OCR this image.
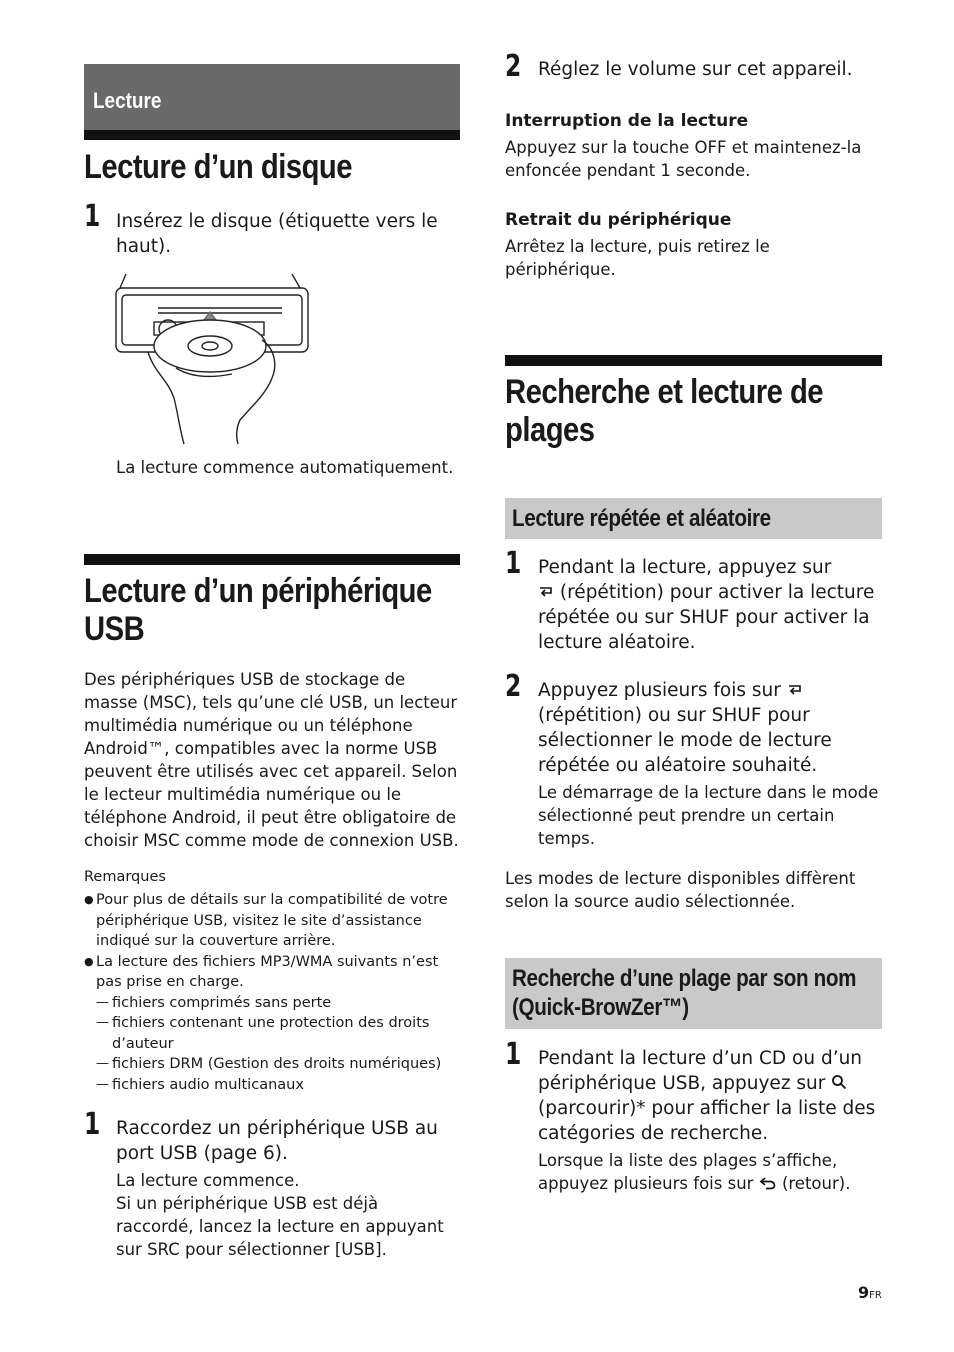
Lecture
Lecture d’un disque
1 Insérez le disque (étiquette vers le haut).
La lecture commence automatiquement.
Lecture d’un périphérique
USB
Des périphériques USB de stockage de masse (MSC), tels qu’une clé USB, un lecteur multimédia numérique ou un téléphone Android™, compatibles avec la norme USB peuvent être utilisés avec cet appareil. Selon le lecteur multimédia numérique ou le téléphone Android, il peut être obligatoire de choisir MSC comme mode de connexion USB.
Remarques
● Pour plus de détails sur la compatibilité de votre périphérique USB, visitez le site d’assistance indiqué sur la couverture arrière.
● La lecture des fichiers MP3/WMA suivants n’est pas prise en charge.
— fichiers comprimés sans perte
— fichiers contenant une protection des droits d’auteur
— fichiers DRM (Gestion des droits numériques)
— fichiers audio multicanaux
1 Raccordez un périphérique USB au port USB (page 6).
La lecture commence.
Si un périphérique USB est déjà raccordé, lancez la lecture en appuyant sur SRC pour sélectionner [USB].
2 Réglez le volume sur cet appareil.
Interruption de la lecture
Appuyez sur la touche OFF et maintenez-la enfoncée pendant 1 seconde.
Retrait du périphérique
Arrêtez la lecture, puis retirez le périphérique.
Recherche et lecture de
plages
Lecture répétée et aléatoire
1 Pendant la lecture, appuyez sur
(répétition) pour activer la lecture répétée ou sur SHUF pour activer la lecture aléatoire.
2 Appuyez plusieurs fois sur  (répétition) ou sur SHUF pour sélectionner le mode de lecture répétée ou aléatoire souhaité.
Le démarrage de la lecture dans le mode sélectionné peut prendre un certain temps.
Les modes de lecture disponibles diffèrent selon la source audio sélectionnée.
Recherche d’une plage par son nom
(Quick-BrowZer™)
1 Pendant la lecture d’un CD ou d’un périphérique USB, appuyez sur  (parcourir)* pour afficher la liste des catégories de recherche.
Lorsque la liste des plages s’affiche, appuyez plusieurs fois sur (retour).
9FR
